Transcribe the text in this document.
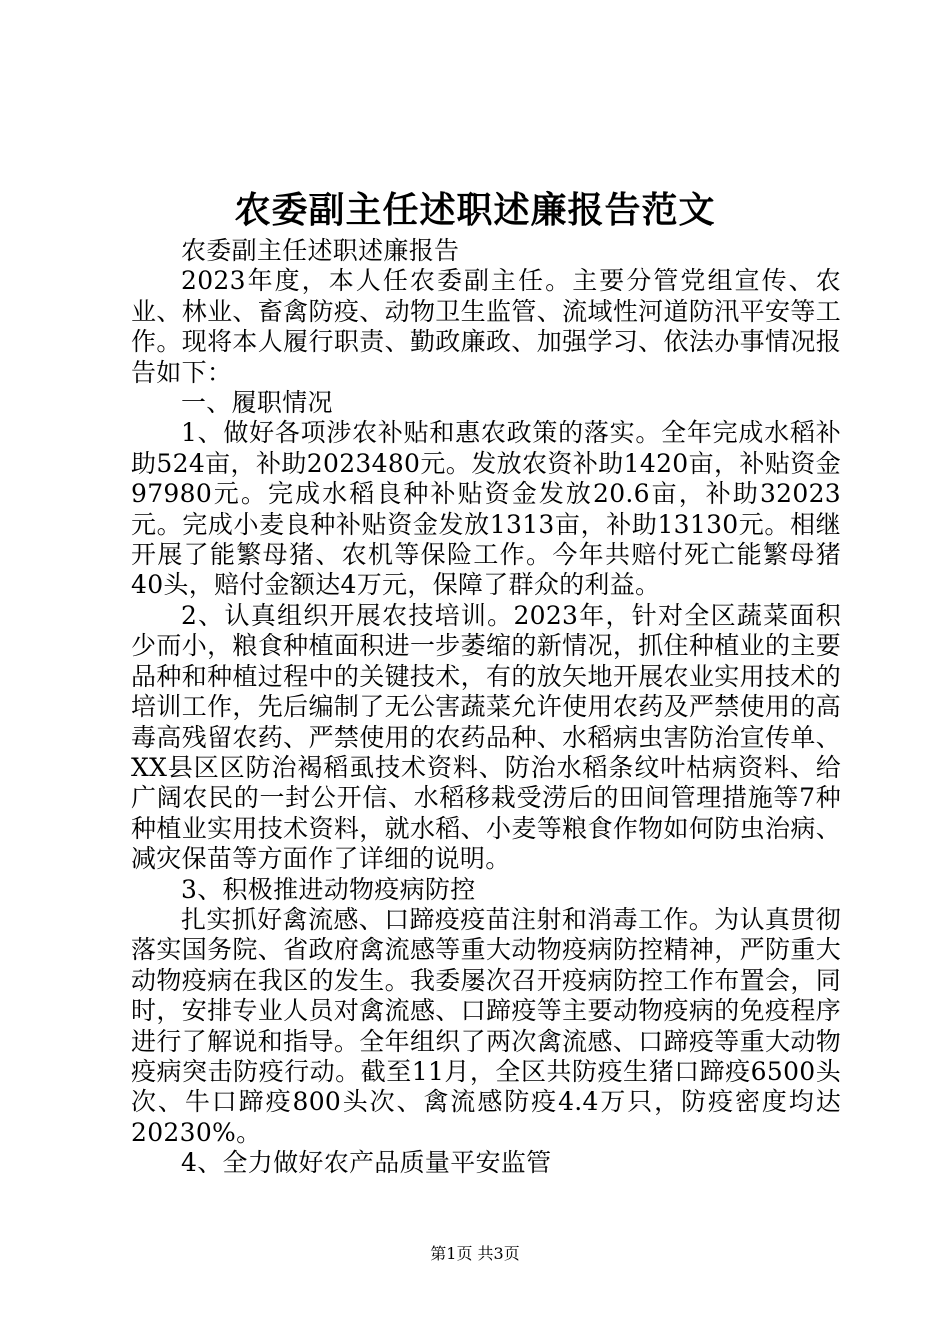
农委副主任述职述廉报告范文

农委副主任述职述廉报告

2023年度，本人任农委副主任。主要分管党组宣传、农业、林业、畜禽防疫、动物卫生监管、流域性河道防汛平安等工作。现将本人履行职责、勤政廉政、加强学习、依法办事情况报告如下：

一、履职情况

1、做好各项涉农补贴和惠农政策的落实。全年完成水稻补助524亩，补助2023480元。发放农资补助1420亩，补贴资金97980元。完成水稻良种补贴资金发放20.6亩，补助32023元。完成小麦良种补贴资金发放1313亩，补助13130元。相继开展了能繁母猪、农机等保险工作。今年共赔付死亡能繁母猪40头，赔付金额达4万元，保障了群众的利益。

2、认真组织开展农技培训。2023年，针对全区蔬菜面积少而小，粮食种植面积进一步萎缩的新情况，抓住种植业的主要品种和种植过程中的关键技术，有的放矢地开展农业实用技术的培训工作，先后编制了无公害蔬菜允许使用农药及严禁使用的高毒高残留农药、严禁使用的农药品种、水稻病虫害防治宣传单、XX县区区防治褐稻虱技术资料、防治水稻条纹叶枯病资料、给广阔农民的一封公开信、水稻移栽受涝后的田间管理措施等7种种植业实用技术资料，就水稻、小麦等粮食作物如何防虫治病、减灾保苗等方面作了详细的说明。

3、积极推进动物疫病防控

扎实抓好禽流感、口蹄疫疫苗注射和消毒工作。为认真贯彻落实国务院、省政府禽流感等重大动物疫病防控精神，严防重大动物疫病在我区的发生。我委屡次召开疫病防控工作布置会，同时，安排专业人员对禽流感、口蹄疫等主要动物疫病的免疫程序进行了解说和指导。全年组织了两次禽流感、口蹄疫等重大动物疫病突击防疫行动。截至11月，全区共防疫生猪口蹄疫6500头次、牛口蹄疫800头次、禽流感防疫4.4万只，防疫密度均达20230%。

4、全力做好农产品质量平安监管

第1页 共3页
